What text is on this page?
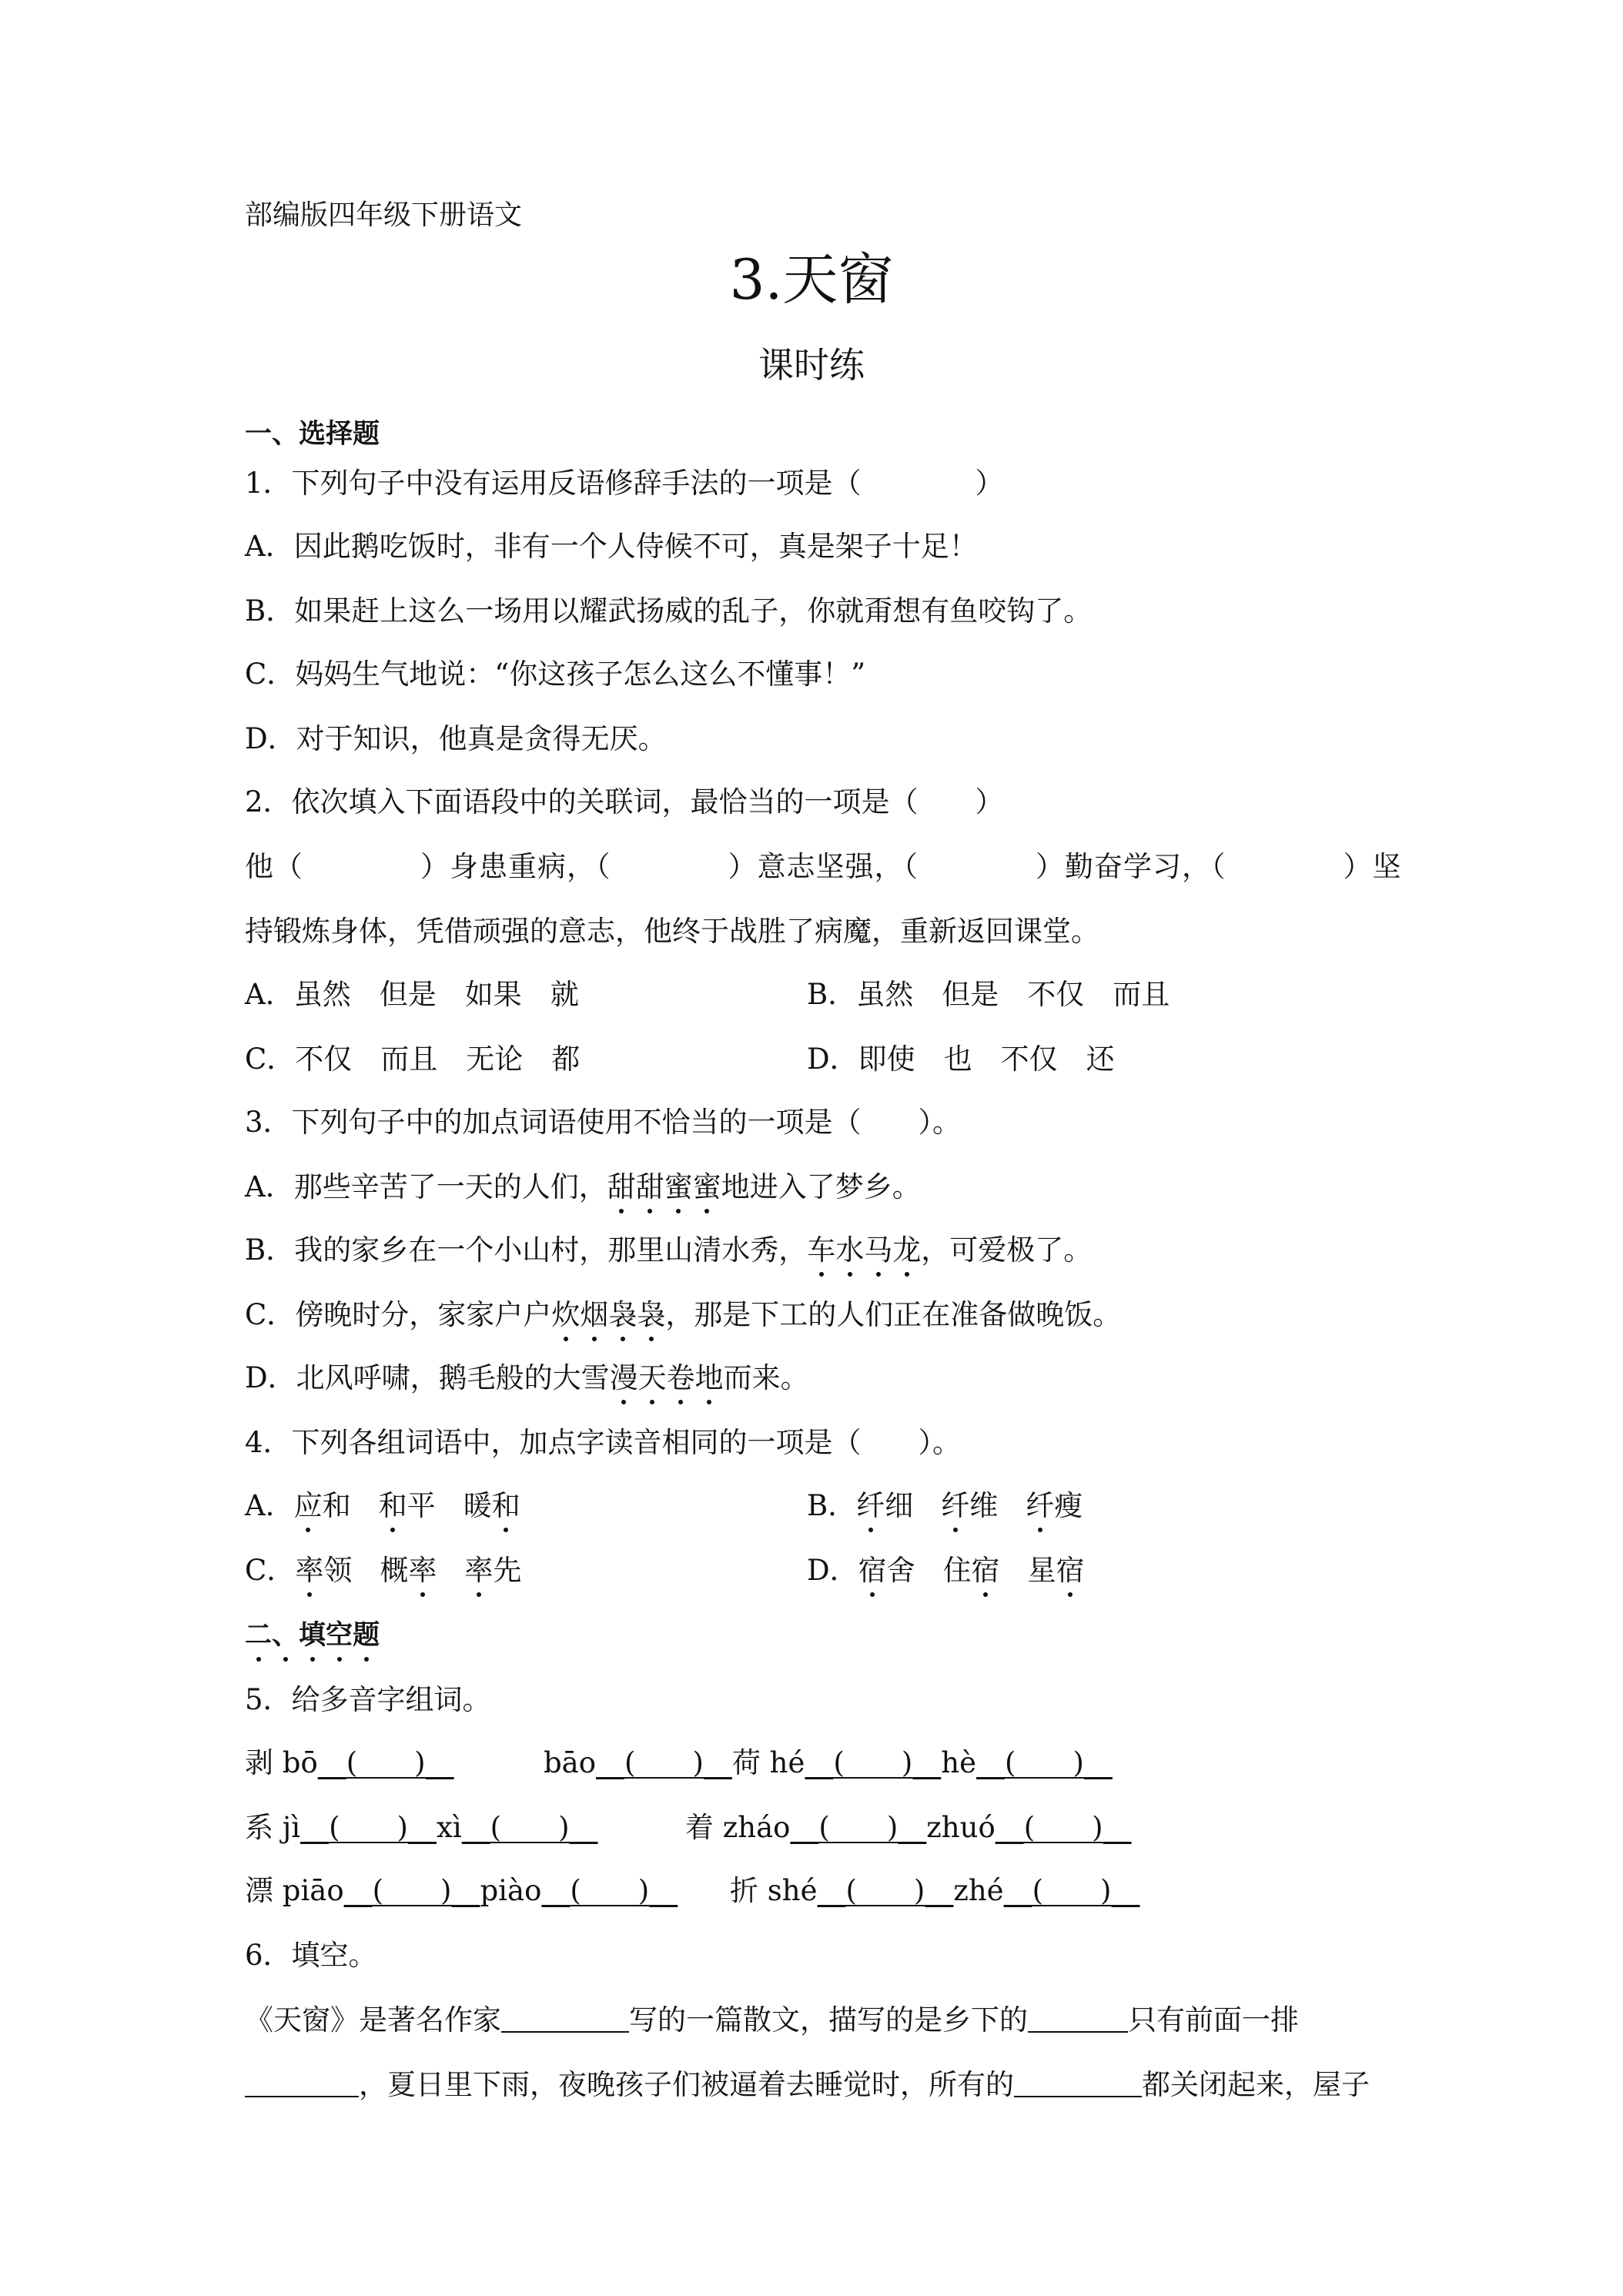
部编版四年级下册语文
3.天窗
课时练
一、选择题
1．下列句子中没有运用反语修辞手法的一项是（　　　　）
A．因此鹅吃饭时，非有一个人侍候不可，真是架子十足！
B．如果赶上这么一场用以耀武扬威的乱子，你就甭想有鱼咬钩了。
C．妈妈生气地说：“你这孩子怎么这么不懂事！”
D．对于知识，他真是贪得无厌。
2．依次填入下面语段中的关联词，最恰当的一项是（　　）
他（　　　　）身患重病，（　　　　）意志坚强，（　　　　）勤奋学习，（　　　　）坚
持锻炼身体，凭借顽强的意志，他终于战胜了病魔，重新返回课堂。
A．虽然　但是　如果　就	B．虽然　但是　不仅　而且
C．不仅　而且　无论　都	D．即使　也　不仅　还
3．下列句子中的加点词语使用不恰当的一项是（　　）。
A．那些辛苦了一天的人们，甜甜蜜蜜地进入了梦乡。
B．我的家乡在一个小山村，那里山清水秀，车水马龙，可爱极了。
C．傍晚时分，家家户户炊烟袅袅，那是下工的人们正在准备做晚饭。
D．北风呼啸，鹅毛般的大雪漫天卷地而来。
4．下列各组词语中，加点字读音相同的一项是（　　）。
A．应和 和平 暖和	B．纤细 纤维 纤瘦
C．率领 概率 率先	D．宿舍 住宿 星宿
二、填空题
5．给多音字组词。
剥 bō__(　　)__	bāo__(　　)__荷 hé__(　　)__hè__(　　)__
系 jì__(　　)__xì__(　　)__	着 zháo__(　　)__zhuó__(　　)__
漂 piāo__(　　)__piào__(　　)__ 折 shé__(　　)__zhé__(　　)__
6．填空。
《天窗》是著名作家	写的一篇散文，描写的是乡下的	只有前面一排
，夏日里下雨，夜晚孩子们被逼着去睡觉时，所有的	都关闭起来，屋子
